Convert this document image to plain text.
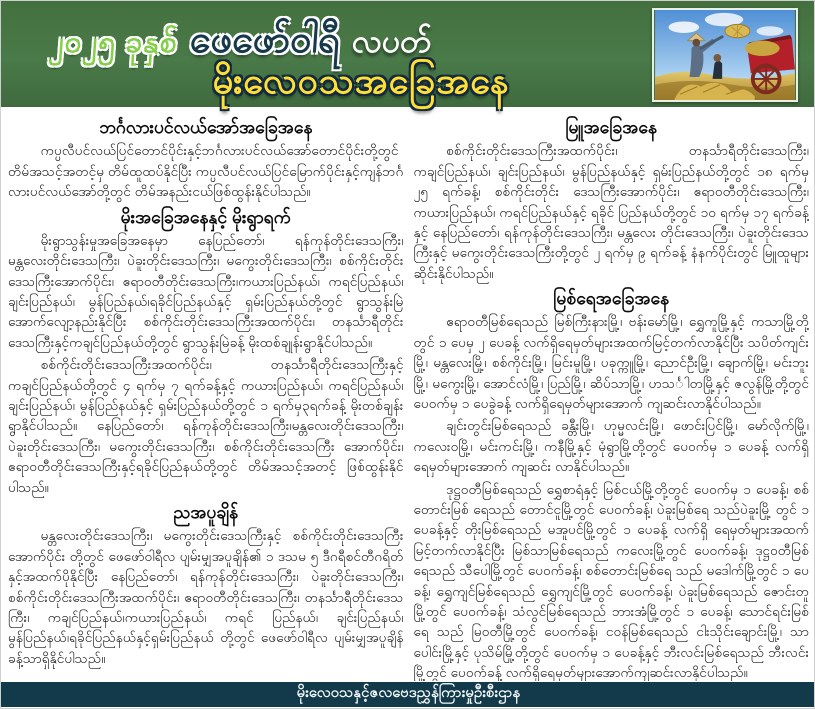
၂၀၂၅ ခုနှစ် ဖေဖော်ဝါရီ လပတ်
မိုးလေဝသအခြေအနေ
ဘင်္ဂလားပင်လယ်အော်အခြေအနေ

ကပ္ပလီပင်လယ်ပြင်တောင်ပိုင်းနှင့်ဘင်္ဂလားပင်လယ်အော်တောင်ပိုင်းတို့တွင် တိမ်အသင့်အတင့်မှ တိမ်ထူထပ်နိုင်ပြီး ကပ္ပလီပင်လယ်ပြင်မြောက်ပိုင်းနှင့်ကျန်ဘင်္ဂလားပင်လယ်အော်တို့တွင် တိမ်အနည်းငယ်ဖြစ်ထွန်းနိုင်ပါသည်။

မိုးအခြေအနေနှင့် မိုးရွာရက်

မိုးရွာသွန်းမှုအခြေအနေမှာ နေပြည်တော်၊ ရန်ကုန်တိုင်းဒေသကြီး၊မန္တလေးတိုင်းဒေသကြီး၊ ပဲခူးတိုင်းဒေသကြီး၊ မကွေးတိုင်းဒေသကြီး၊ စစ်ကိုင်းတိုင်းဒေသကြီးအောက်ပိုင်း၊ ဧရာဝတီတိုင်းဒေသကြီး၊ကယားပြည်နယ်၊ ကရင်ပြည်နယ်၊ ချင်းပြည်နယ်၊ မွန်ပြည်နယ်၊ရခိုင်ပြည်နယ်နှင့် ရှမ်းပြည်နယ်တို့တွင် ရွာသွန်းမြဲအောက်လျော့နည်းနိုင်ပြီး စစ်ကိုင်းတိုင်းဒေသကြီးအထက်ပိုင်း၊ တနင်္သာရီတိုင်းဒေသကြီးနှင့်ကချင်ပြည်နယ်တို့တွင် ရွာသွန်းမြဲခန့် မိုးထစ်ချုန်းရွာနိုင်ပါသည်။

စစ်ကိုင်းတိုင်းဒေသကြီးအထက်ပိုင်း၊ တနင်္သာရီတိုင်းဒေသကြီးနှင့် ကချင်ပြည်နယ်တို့တွင် ၄ ရက်မှ ၇ ရက်ခန့်နှင့် ကယားပြည်နယ်၊ ကရင်ပြည်နယ်၊ ချင်းပြည်နယ်၊ မွန်ပြည်နယ်နှင့် ရှမ်းပြည်နယ်တို့တွင် ၁ ရက်မှ၃ရက်ခန့် မိုးတစ်ချန်းရွာနိုင်ပါသည်။ နေပြည်တော်၊ ရန်ကုန်တိုင်းဒေသကြီး၊မန္တလေးတိုင်းဒေသကြီး၊ ပဲခူးတိုင်းဒေသကြီး၊ မကွေးတိုင်းဒေသကြီး၊ စစ်ကိုင်းတိုင်းဒေသကြီး အောက်ပိုင်း၊ ဧရာဝတီတိုင်းဒေသကြီးနှင့်ရခိုင်ပြည်နယ်တို့တွင် တိမ်အသင့်အတင့် ဖြစ်ထွန်းနိုင်ပါသည်။

ညအပူချိန်

မန္တလေးတိုင်းဒေသကြီး၊ မကွေးတိုင်းဒေသကြီးနှင့် စစ်ကိုင်းတိုင်းဒေသကြီးအောက်ပိုင်း တို့တွင် ဖေဖော်ဝါရီလ ပျမ်းမျှအပူချိန်၏ ၁ ဒသမ ၅ ဒီဂရီစင်တီဂရိတ်နှင့်အထက်ပိုနိုင်ပြီး နေပြည်တော်၊ ရန်ကုန်တိုင်းဒေသကြီး၊ ပဲခူးတိုင်းဒေသကြီး၊ စစ်ကိုင်းတိုင်းဒေသကြီးအထက်ပိုင်း၊ ဧရာဝတီတိုင်းဒေသကြီး၊ တနင်္သာရီတိုင်းဒေသကြီး၊ ကချင်ပြည်နယ်၊ကယားပြည်နယ်၊ ကရင် ပြည်နယ်၊ ချင်းပြည်နယ်၊ မွန်ပြည်နယ်၊ရခိုင်ပြည်နယ်နှင့်ရှမ်းပြည်နယ် တို့တွင် ဖေဖော်ဝါရီလ ပျမ်းမျှအပူချိန်ခန့်သာရှိနိုင်ပါသည်။

မြူအခြေအနေ

စစ်ကိုင်းတိုင်းဒေသကြီးအထက်ပိုင်း၊ တနင်္သာရီတိုင်းဒေသကြီး၊ ကချင်ပြည်နယ်၊ ချင်းပြည်နယ်၊ မွန်ပြည်နယ်နှင့် ရှမ်းပြည်နယ်တို့တွင် ၁၈ ရက်မှ ၂၅ ရက်ခန့်၊ စစ်ကိုင်းတိုင်း ဒေသကြီးအောက်ပိုင်း၊ ဧရာဝတီတိုင်းဒေသကြီး၊ ကယားပြည်နယ်၊ ကရင်ပြည်နယ်နှင့် ရခိုင် ပြည်နယ်တို့တွင် ၁၀ ရက်မှ ၁၇ ရက်ခန့်နှင့် နေပြည်တော်၊ ရန်ကုန်တိုင်းဒေသကြီး၊ မန္တလေး တိုင်းဒေသကြီး၊ ပဲခူးတိုင်းဒေသကြီးနှင့် မကွေးတိုင်းဒေသကြီးတို့တွင် ၂ ရက်မှ ၉ ရက်ခန့် နံနက်ပိုင်းတွင် မြူထူများဆိုင်းနိုင်ပါသည်။

မြစ်ရေအခြေအနေ

ဧရာဝတီမြစ်ရေသည် မြစ်ကြီးနားမြို့၊ ဗန်းမော်မြို့၊ ရွှေကူမြို့နှင့် ကသာမြို့တို့တွင် ၁ ပေမှ ၂ ပေခန့် လက်ရှိရေမှတ်များအထက်မြင့်တက်လာနိုင်ပြီး သပိတ်ကျင်းမြို့၊ မန္တလေးမြို့၊ စစ်ကိုင်းမြို့၊ မြင်းမူမြို့၊ ပခုက္ကူမြို့၊ ညောင်ဦးမြို့၊ ချောက်မြို့၊ မင်းဘူးမြို့၊ မကွေးမြို့၊ အောင်လံမြို့၊ ပြည်မြို့၊ ဆိပ်သာမြို့၊ ဟသင်္ါတမြို့နှင့် ဇလွန်မြို့တို့တွင် ပေဝက်မှ ၁ ပေခွဲခန့် လက်ရှိရေမှတ်များအောက် ကျဆင်းလာနိုင်ပါသည်။

ချင်းတွင်းမြစ်ရေသည် ခန္တီးမြို့၊ ဟုမ္မလင်းမြို့၊ ဖောင်းပြင်မြို့၊ မော်လိုက်မြို့၊ ကလေးဝမြို့၊ မင်းကင်းမြို့၊ ကနီမြို့နှင့် မုံရွာမြို့တို့တွင် ပေဝက်မှ ၁ ပေခန့် လက်ရှိရေမှတ်များအောက် ကျဆင်း လာနိုင်ပါသည်။

ဒုဋ္ဌဝတီမြစ်ရေသည် ရွှေစာရံနှင့် မြစ်ငယ်မြို့တို့တွင် ပေဝက်မှ ၁ ပေခန့်၊ စစ်တောင်းမြစ် ရေသည် တောင်ငူမြို့တွင် ပေဝက်ခန့်၊ ပဲခူးမြစ်ရေ သည်ပဲခူးမြို့ တွင် ၁ ပေခန့်နှင့် တိုးမြစ်ရေသည် မအူပင်မြို့တွင် ၁ ပေခန့် လက်ရှိ ရေမှတ်များအထက် မြင့်တက်လာနိုင်ပြီး မြစ်သာမြစ်ရေသည် ကလေးမြို့တွင် ပေဝက်ခန့်၊ ဒုဋ္ဌဝတီမြစ်ရေသည် သီပေါမြို့တွင် ပေဝက်ခန့်၊ စစ်တောင်းမြစ်ရေ သည် မဒေါက်မြို့တွင် ၁ ပေခန့်၊ ရွှေကျင်မြစ်ရေသည် ရွှေကျင်မြို့တွင် ပေဝက်ခန့်၊ ပဲခူးမြစ်ရေသည် ဇောင်းတူမြို့တွင် ပေဝက်ခန့်၊ သံလွင်မြစ်ရေသည် ဘားအံမြို့တွင် ၁ ပေခန့်၊ သောင်ရင်းမြစ်ရေ သည် မြဝတီမြို့တွင် ပေဝက်ခန့်၊ ငဝန်မြစ်ရေသည် ငါးသိုင်းချောင်းမြို့၊ သာပေါင်းမြို့နှင့် ပုသိမ်မြို့တို့တွင် ပေဝက်မှ ၁ ပေခန့်နှင့် ဘီးလင်းမြစ်ရေသည် ဘီးလင်းမြို့တွင် ပေဝက်ခန့် လက်ရှိရေမှတ်များအောက်ကျဆင်းလာနိုင်ပါသည်။

မိုးလေဝသနှင့်ဇလဗေဒညွှန်ကြားမှုဦးစီးဌာန
